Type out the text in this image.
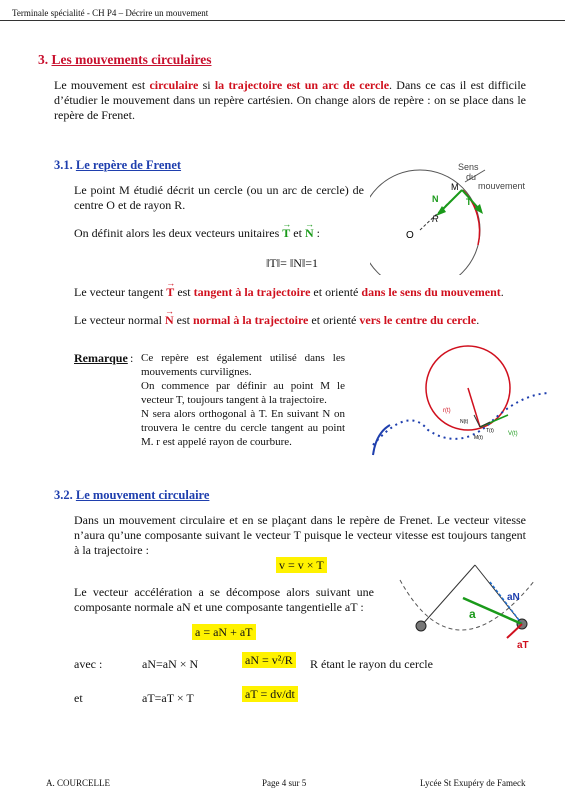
Terminale spécialité - CH P4 – Décrire un mouvement
3. Les mouvements circulaires
Le mouvement est circulaire si la trajectoire est un arc de cercle. Dans ce cas il est difficile d’étudier le mouvement dans un repère cartésien. On change alors de repère : on se place dans le repère de Frenet.
3.1. Le repère de Frenet
Le point M étudié décrit un cercle (ou un arc de cercle) de centre O et de rayon R.
On définit alors les deux vecteurs unitaires → T et → N :
‖T‖= ‖N‖=1
Le vecteur tangent → T est tangent à la trajectoire et orienté dans le sens du mouvement.
Le vecteur normal → N est normal à la trajectoire et orienté vers le centre du cercle.
Remarque : Ce repère est également utilisé dans les mouvements curvilignes.
On commence par définir au point M le vecteur T, toujours tangent à la trajectoire.
N sera alors orthogonal à T. En suivant N on trouvera le centre du cercle tangent au point M. r est appelé rayon de courbure.
Sens
du
mouvement
M
N	T
R
O
r(t)
N(t)
T(t)
M(t)
V(t)
3.2. Le mouvement circulaire
Dans un mouvement circulaire et en se plaçant dans le repère de Frenet. Le vecteur vitesse n’aura qu’une composante suivant le vecteur T puisque le vecteur vitesse est toujours tangent à la trajectoire :
v = v × T
Le vecteur accélération a se décompose alors suivant une composante normale aN et une composante tangentielle aT :
a = aN + aT
avec :	aN=aN × N	aN = v²/R R étant le rayon du cercle
et	aT=aT × T	aT = dv/dt
aN
a
aT
A. COURCELLE	Page 4 sur 5	Lycée St Exupéry de Fameck
